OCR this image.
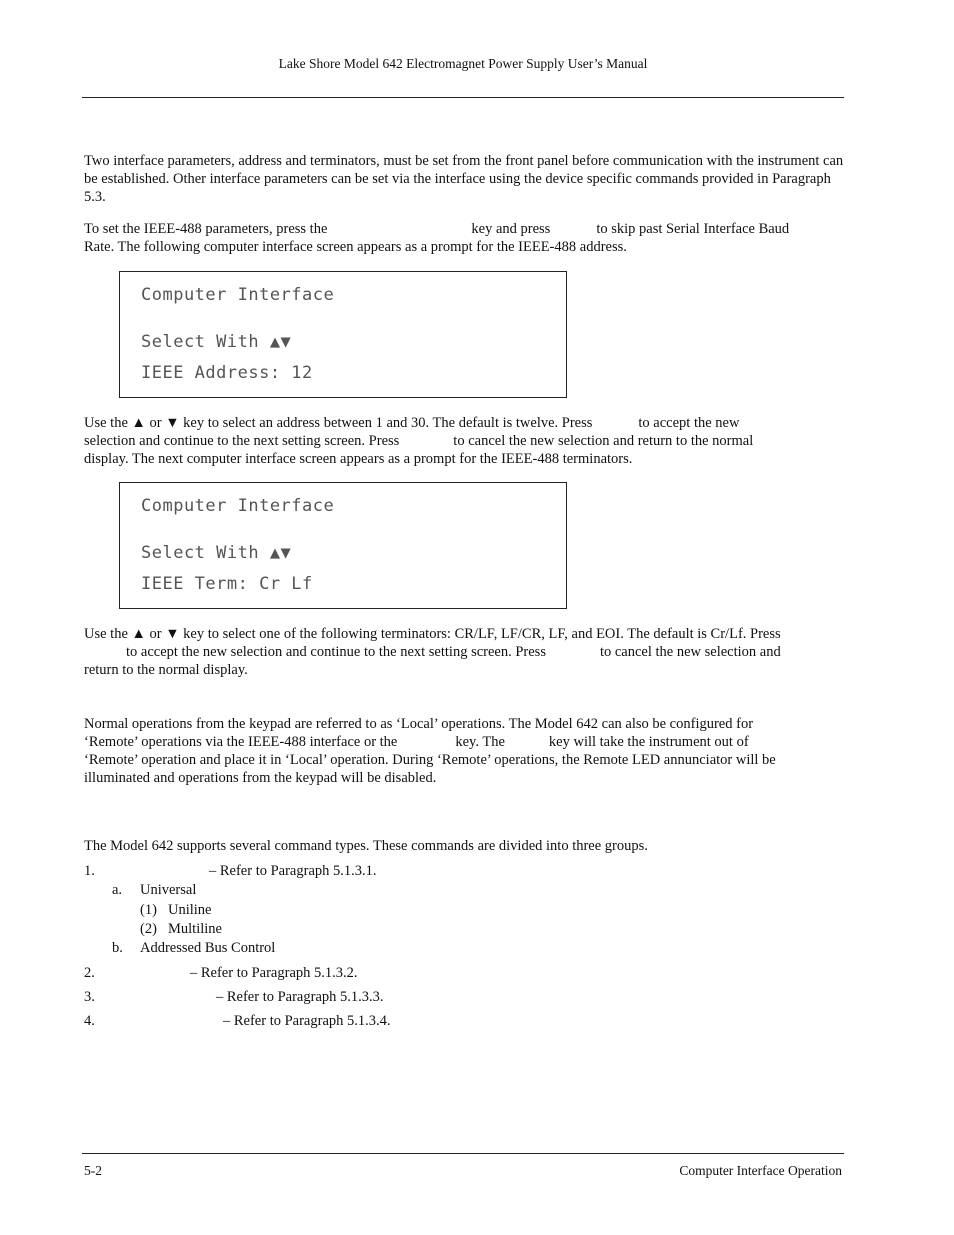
Lake Shore Model 642 Electromagnet Power Supply User’s Manual

Two interface parameters, address and terminators, must be set from the front panel before communication with the instrument can be established. Other interface parameters can be set via the interface using the device specific commands provided in Paragraph 5.3.

To set the IEEE-488 parameters, press the	key and press	to skip past Serial Interface Baud
Rate. The following computer interface screen appears as a prompt for the IEEE-488 address.
Computer Interface
Select With ▲▼
IEEE Address: 12
Use the ▲ or ▼ key to select an address between 1 and 30. The default is twelve. Press	to accept the new
selection and continue to the next setting screen. Press	to cancel the new selection and return to the normal
display. The next computer interface screen appears as a prompt for the IEEE-488 terminators.
Computer Interface
Select With ▲▼
IEEE Term: Cr Lf
Use the ▲ or ▼ key to select one of the following terminators: CR/LF, LF/CR, LF, and EOI. The default is Cr/Lf. Press
to accept the new selection and continue to the next setting screen. Press	to cancel the new selection and
return to the normal display.
Normal operations from the keypad are referred to as ‘Local’ operations. The Model 642 can also be configured for
‘Remote’ operations via the IEEE-488 interface or the	key. The	key will take the instrument out of
‘Remote’ operation and place it in ‘Local’ operation. During ‘Remote’ operations, the Remote LED annunciator will be
illuminated and operations from the keypad will be disabled.

The Model 642 supports several command types. These commands are divided into three groups.

1.	– Refer to Paragraph 5.1.3.1.
a. Universal
(1) Uniline
(2) Multiline
b. Addressed Bus Control
2.	– Refer to Paragraph 5.1.3.2.
3.	– Refer to Paragraph 5.1.3.3.
4.	– Refer to Paragraph 5.1.3.4.
5-2	Computer Interface Operation
